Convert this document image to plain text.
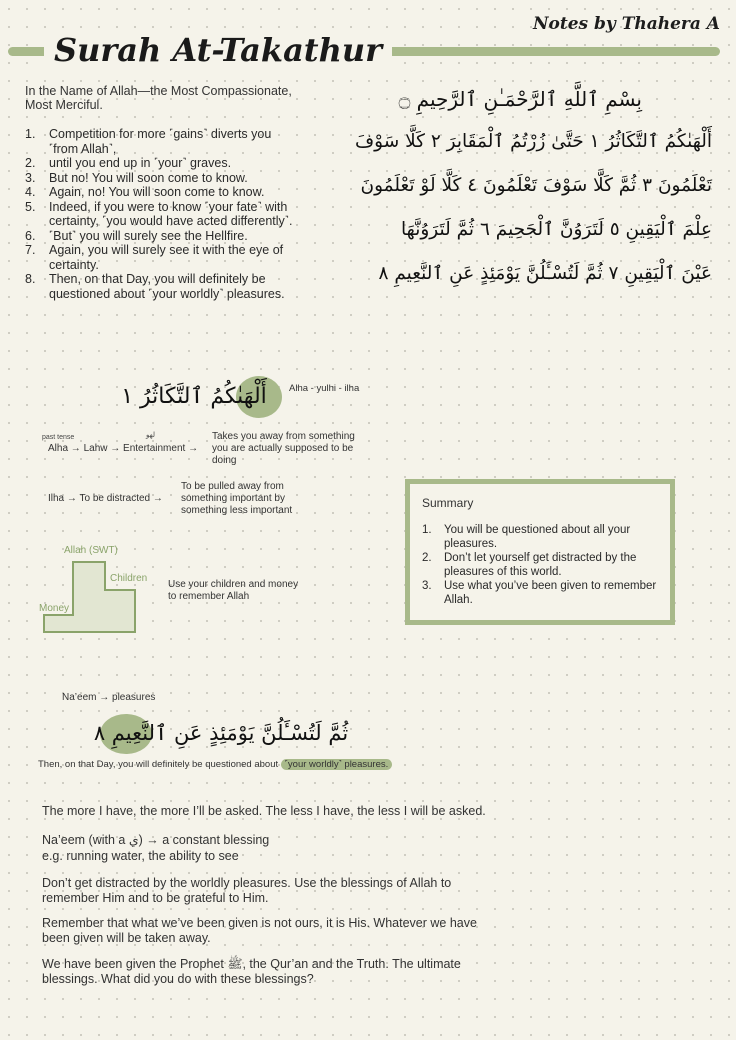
Notes by Thahera A
Surah At-Takathur
In the Name of Allah—the Most Compassionate, Most Merciful.
1.	Competition for more ˹gains˺ diverts you ˹from Allah˺,
2.	until you end up in ˹your˺ graves.
3.	But no! You will soon come to know.
4.	Again, no! You will soon come to know.
5.	Indeed, if you were to know ˹your fate˺ with certainty, ˹you would have acted differently˺.
6.	˹But˺ you will surely see the Hellfire.
7.	Again, you will surely see it with the eye of certainty.
8.	Then, on that Day, you will definitely be questioned about ˹your worldly˺ pleasures.
بِسْمِ ٱللَّهِ ٱلرَّحْمَـٰنِ ٱلرَّحِيمِ ۝
أَلْهَىٰكُمُ ٱلتَّكَاثُرُ ١ حَتَّىٰ زُرْتُمُ ٱلْمَقَابِرَ ٢ كَلَّا سَوْفَ
تَعْلَمُونَ ٣ ثُمَّ كَلَّا سَوْفَ تَعْلَمُونَ ٤ كَلَّا لَوْ تَعْلَمُونَ
عِلْمَ ٱلْيَقِينِ ٥ لَتَرَوُنَّ ٱلْجَحِيمَ ٦ ثُمَّ لَتَرَوُنَّهَا
عَيْنَ ٱلْيَقِينِ ٧ ثُمَّ لَتُسْـَٔلُنَّ يَوْمَئِذٍ عَنِ ٱلنَّعِيمِ ٨
أَلْهَىٰكُمُ ٱلتَّكَاثُرُ ١	Alha - yulhi - ilha
past tense	لهو
Alha → Lahw → Entertainment →
Takes you away from something you are actually supposed to be doing
Ilha → To be distracted →
To be pulled away from something important by something less important
Allah (SWT)
Children
Money
Use your children and money to remember Allah
Summary
1.	You will be questioned about all your pleasures.
2.	Don’t let yourself get distracted by the pleasures of this world.
3.	Use what you’ve been given to remember Allah.
Na’eem → pleasures
ثُمَّ لَتُسْـَٔلُنَّ يَوْمَئِذٍ عَنِ ٱلنَّعِيمِ ٨
Then, on that Day, you will definitely be questioned about ˹your worldly˺ pleasures.
The more I have, the more I’ll be asked. The less I have, the less I will be asked.
Na’eem (with a ي) → a constant blessing
e.g. running water, the ability to see
Don’t get distracted by the worldly pleasures. Use the blessings of Allah to remember Him and to be grateful to Him.
Remember that what we’ve been given is not ours, it is His. Whatever we have been given will be taken away.
We have been given the Prophet ﷺ, the Qur’an and the Truth. The ultimate blessings. What did you do with these blessings?
